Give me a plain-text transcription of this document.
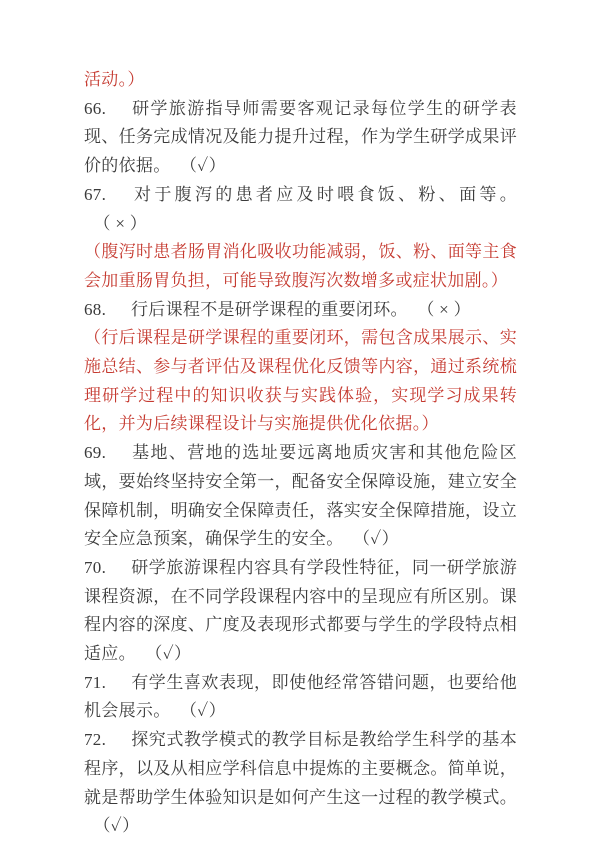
活动。）

66. 研学旅游指导师需要客观记录每位学生的研学表现、任务完成情况及能力提升过程，作为学生研学成果评价的依据。 （✓）

67. 对于腹泻的患者应及时喂食饭、粉、面等。（ × ）

（腹泻时患者肠胃消化吸收功能减弱，饭、粉、面等主食会加重肠胃负担，可能导致腹泻次数增多或症状加剧。）

68. 行后课程不是研学课程的重要闭环。 （ × ）

（行后课程是研学课程的重要闭环，需包含成果展示、实施总结、参与者评估及课程优化反馈等内容，通过系统梳理研学过程中的知识收获与实践体验，实现学习成果转化，并为后续课程设计与实施提供优化依据。）

69. 基地、营地的选址要远离地质灾害和其他危险区域，要始终坚持安全第一，配备安全保障设施，建立安全保障机制，明确安全保障责任，落实安全保障措施，设立安全应急预案，确保学生的安全。 （✓）

70. 研学旅游课程内容具有学段性特征，同一研学旅游课程资源，在不同学段课程内容中的呈现应有所区别。课程内容的深度、广度及表现形式都要与学生的学段特点相适应。 （✓）

71. 有学生喜欢表现，即使他经常答错问题，也要给他机会展示。 （✓）

72. 探究式教学模式的教学目标是教给学生科学的基本程序，以及从相应学科信息中提炼的主要概念。简单说，就是帮助学生体验知识是如何产生这一过程的教学模式。（✓）
